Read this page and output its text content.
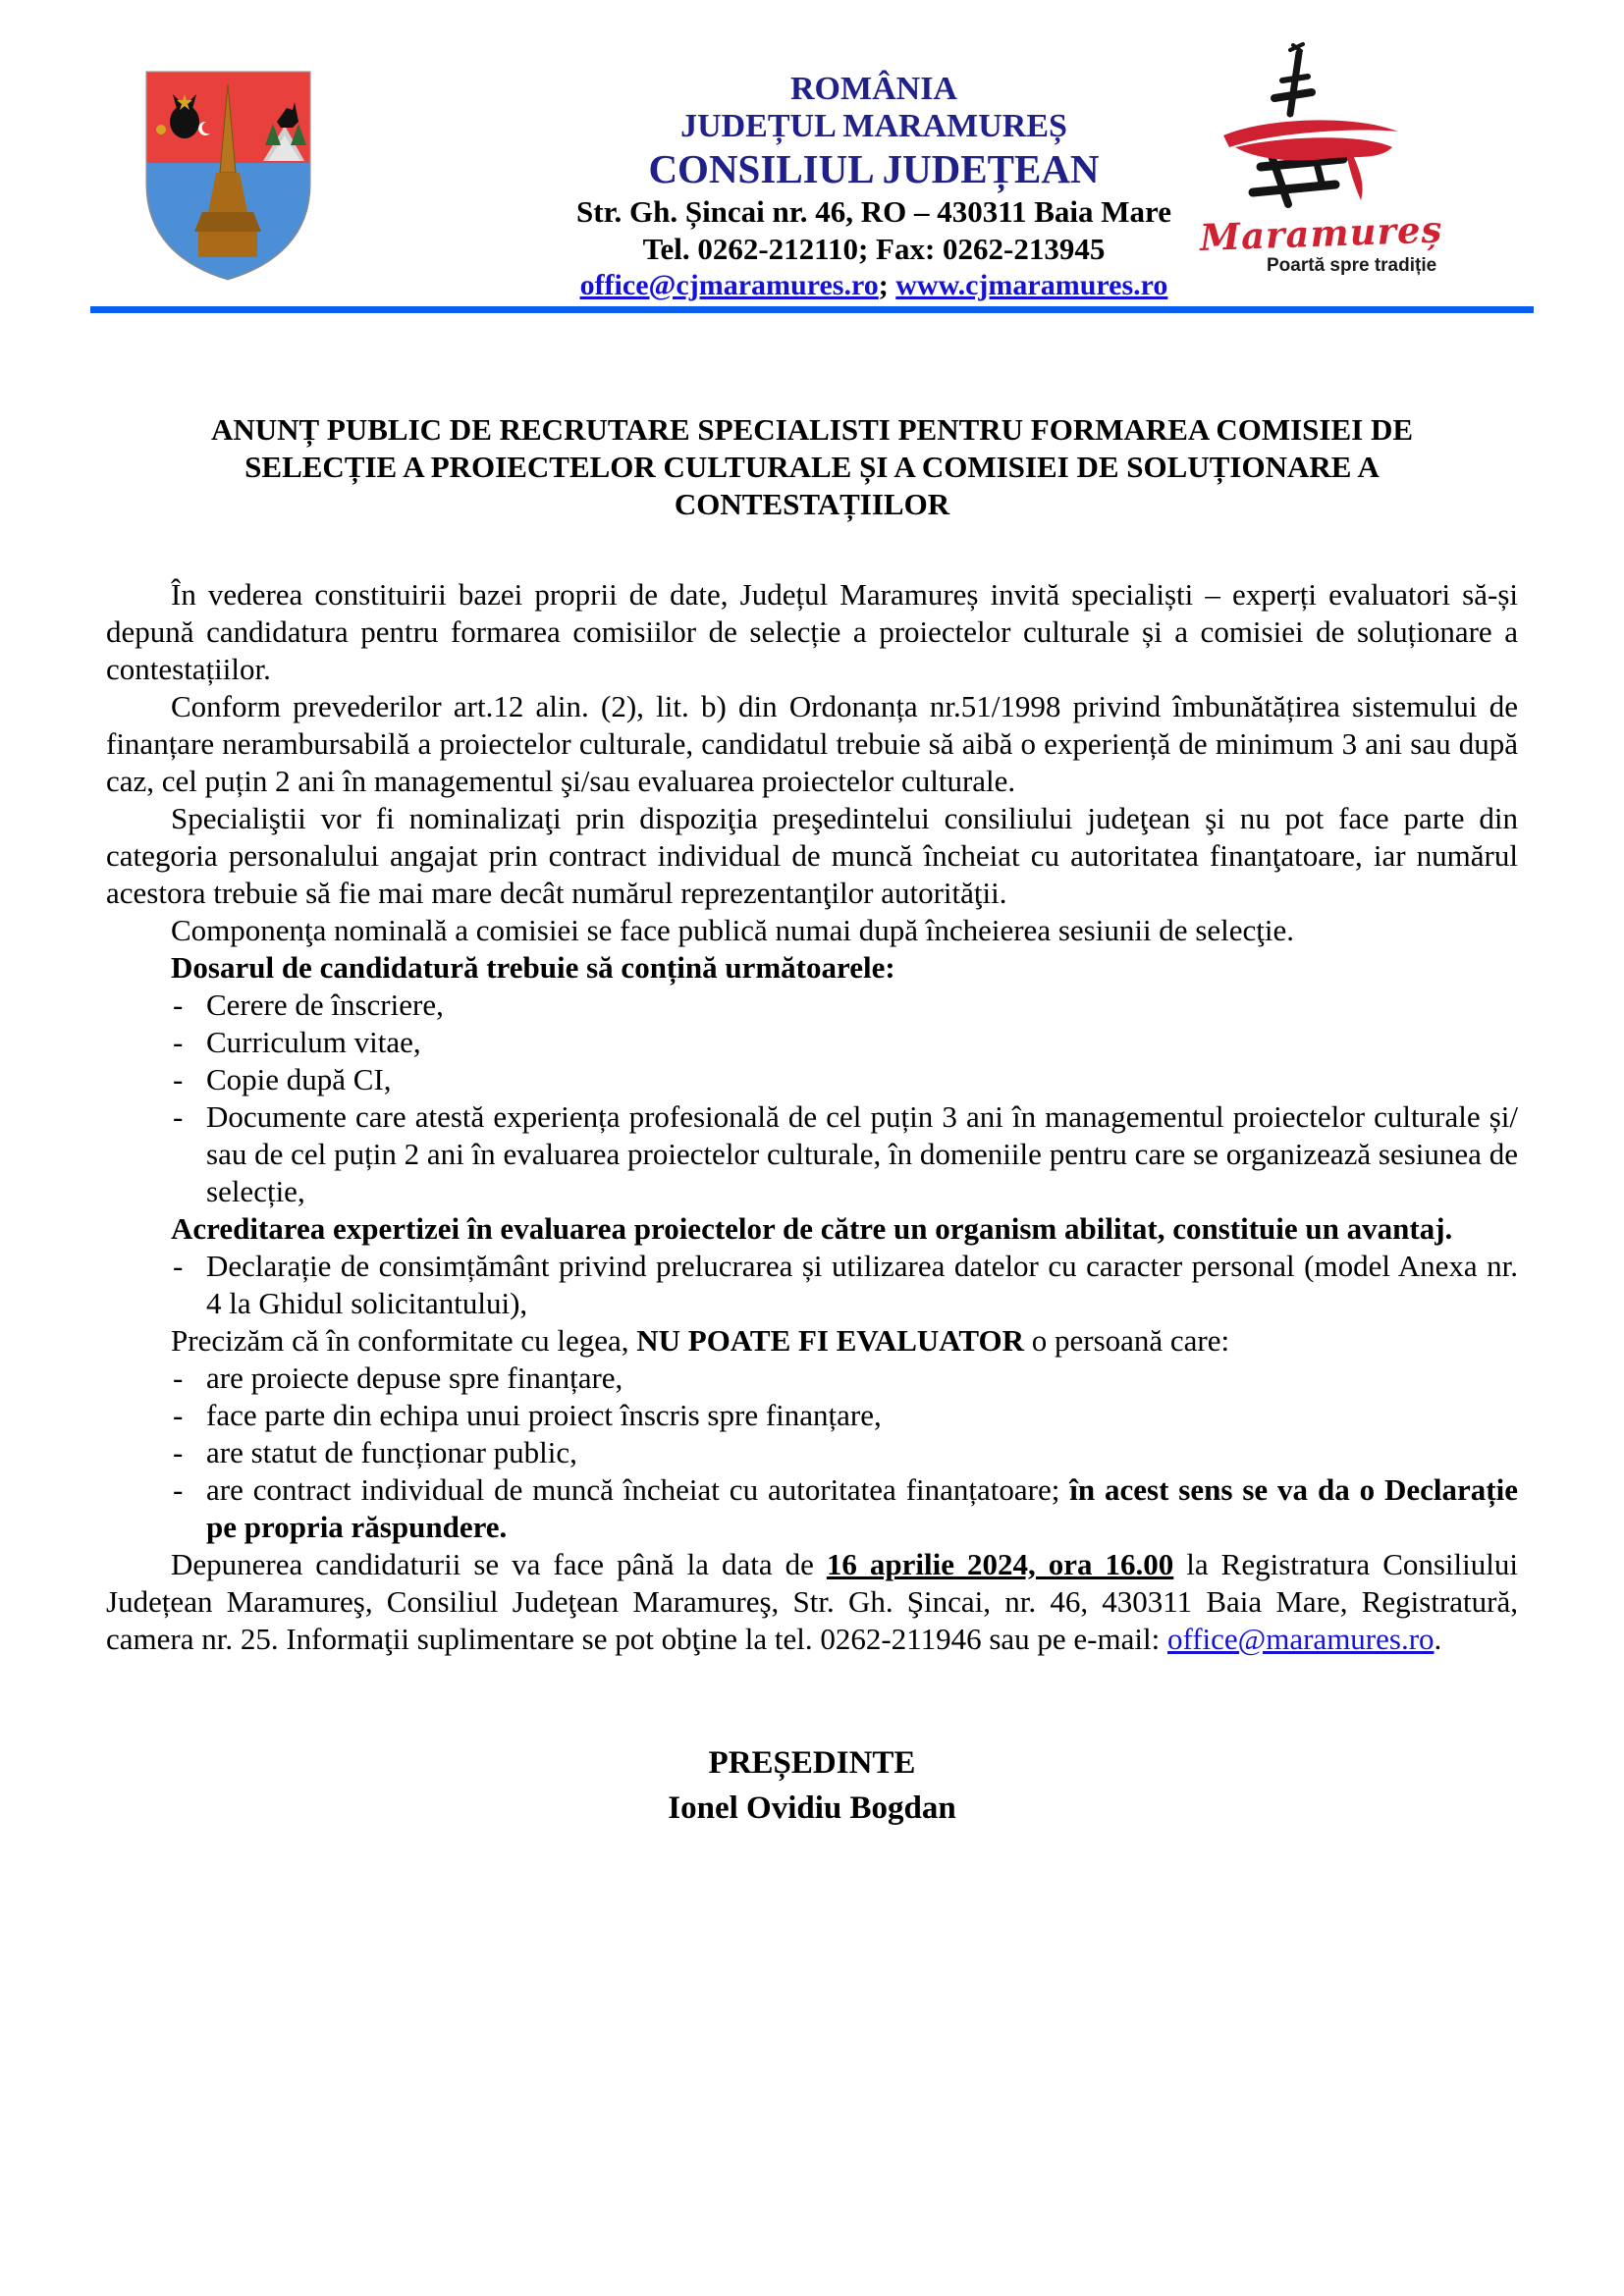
ROMÂNIA
JUDEȚUL MARAMUREȘ
CONSILIUL JUDEȚEAN
Str. Gh. Șincai nr. 46, RO – 430311 Baia Mare
Tel. 0262-212110; Fax: 0262-213945
office@cjmaramures.ro; www.cjmaramures.ro
Maramureș
Poartă spre tradiție
ANUNȚ PUBLIC DE RECRUTARE SPECIALISTI PENTRU FORMAREA COMISIEI DE
SELECȚIE A PROIECTELOR CULTURALE ȘI A COMISIEI DE SOLUȚIONARE A
CONTESTAȚIILOR
În vederea constituirii bazei proprii de date, Județul Maramureș invită specialiști – experți evaluatori să-și depună candidatura pentru formarea comisiilor de selecție a proiectelor culturale și a comisiei de soluționare a contestațiilor.
Conform prevederilor art.12 alin. (2), lit. b) din Ordonanța nr.51/1998 privind îmbunătățirea sistemului de finanțare nerambursabilă a proiectelor culturale, candidatul trebuie să aibă o experiență de minimum 3 ani sau după caz, cel puțin 2 ani în managementul şi/sau evaluarea proiectelor culturale.
Specialiştii vor fi nominalizaţi prin dispoziţia preşedintelui consiliului judeţean şi nu pot face parte din categoria personalului angajat prin contract individual de muncă încheiat cu autoritatea finanţatoare, iar numărul acestora trebuie să fie mai mare decât numărul reprezentanţilor autorităţii.
Componenţa nominală a comisiei se face publică numai după încheierea sesiunii de selecţie.
Dosarul de candidatură trebuie să conțină următoarele:
- Cerere de înscriere,
- Curriculum vitae,
- Copie după CI,
- Documente care atestă experiența profesională de cel puțin 3 ani în managementul proiectelor culturale și/ sau de cel puțin 2 ani în evaluarea proiectelor culturale, în domeniile pentru care se organizează sesiunea de selecție,
Acreditarea expertizei în evaluarea proiectelor de către un organism abilitat, constituie un avantaj.
- Declarație de consimțământ privind prelucrarea și utilizarea datelor cu caracter personal (model Anexa nr. 4 la Ghidul solicitantului),
Precizăm că în conformitate cu legea, NU POATE FI EVALUATOR o persoană care:
- are proiecte depuse spre finanțare,
- face parte din echipa unui proiect înscris spre finanțare,
- are statut de funcționar public,
- are contract individual de muncă încheiat cu autoritatea finanțatoare; în acest sens se va da o Declarație pe propria răspundere.
Depunerea candidaturii se va face până la data de 16 aprilie 2024, ora 16.00 la Registratura Consiliului Județean Maramureş, Consiliul Judeţean Maramureş, Str. Gh. Şincai, nr. 46, 430311 Baia Mare, Registratură, camera nr. 25. Informaţii suplimentare se pot obţine la tel. 0262-211946 sau pe e-mail: office@maramures.ro.
PREȘEDINTE
Ionel Ovidiu Bogdan
